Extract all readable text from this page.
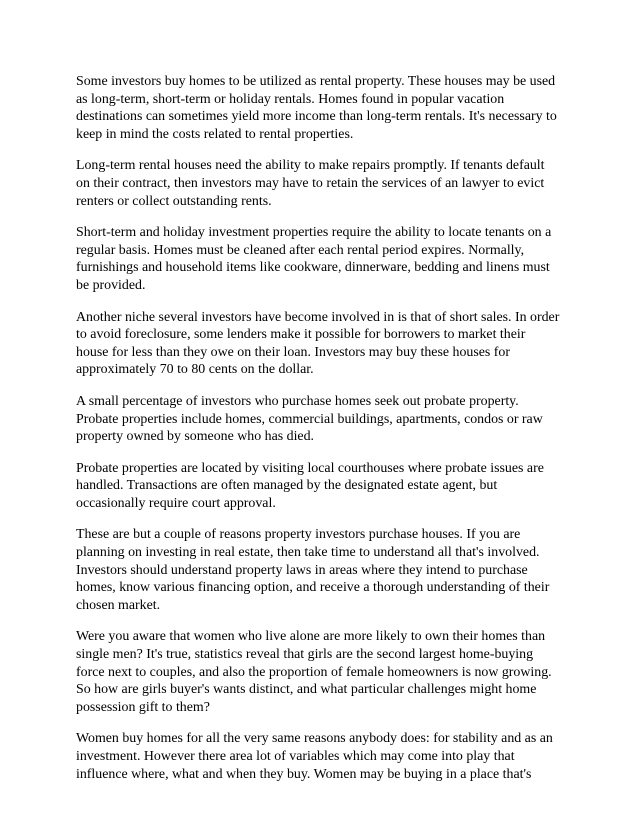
Some investors buy homes to be utilized as rental property. These houses may be used as long-term, short-term or holiday rentals. Homes found in popular vacation destinations can sometimes yield more income than long-term rentals. It's necessary to keep in mind the costs related to rental properties.

Long-term rental houses need the ability to make repairs promptly. If tenants default on their contract, then investors may have to retain the services of an lawyer to evict renters or collect outstanding rents.

Short-term and holiday investment properties require the ability to locate tenants on a regular basis. Homes must be cleaned after each rental period expires. Normally, furnishings and household items like cookware, dinnerware, bedding and linens must be provided.

Another niche several investors have become involved in is that of short sales. In order to avoid foreclosure, some lenders make it possible for borrowers to market their house for less than they owe on their loan. Investors may buy these houses for approximately 70 to 80 cents on the dollar.

A small percentage of investors who purchase homes seek out probate property. Probate properties include homes, commercial buildings, apartments, condos or raw property owned by someone who has died.

Probate properties are located by visiting local courthouses where probate issues are handled. Transactions are often managed by the designated estate agent, but occasionally require court approval.

These are but a couple of reasons property investors purchase houses. If you are planning on investing in real estate, then take time to understand all that's involved. Investors should understand property laws in areas where they intend to purchase homes, know various financing option, and receive a thorough understanding of their chosen market.

Were you aware that women who live alone are more likely to own their homes than single men? It's true, statistics reveal that girls are the second largest home-buying force next to couples, and also the proportion of female homeowners is now growing. So how are girls buyer's wants distinct, and what particular challenges might home possession gift to them?

Women buy homes for all the very same reasons anybody does: for stability and as an investment. However there area lot of variables which may come into play that influence where, what and when they buy. Women may be buying in a place that's
